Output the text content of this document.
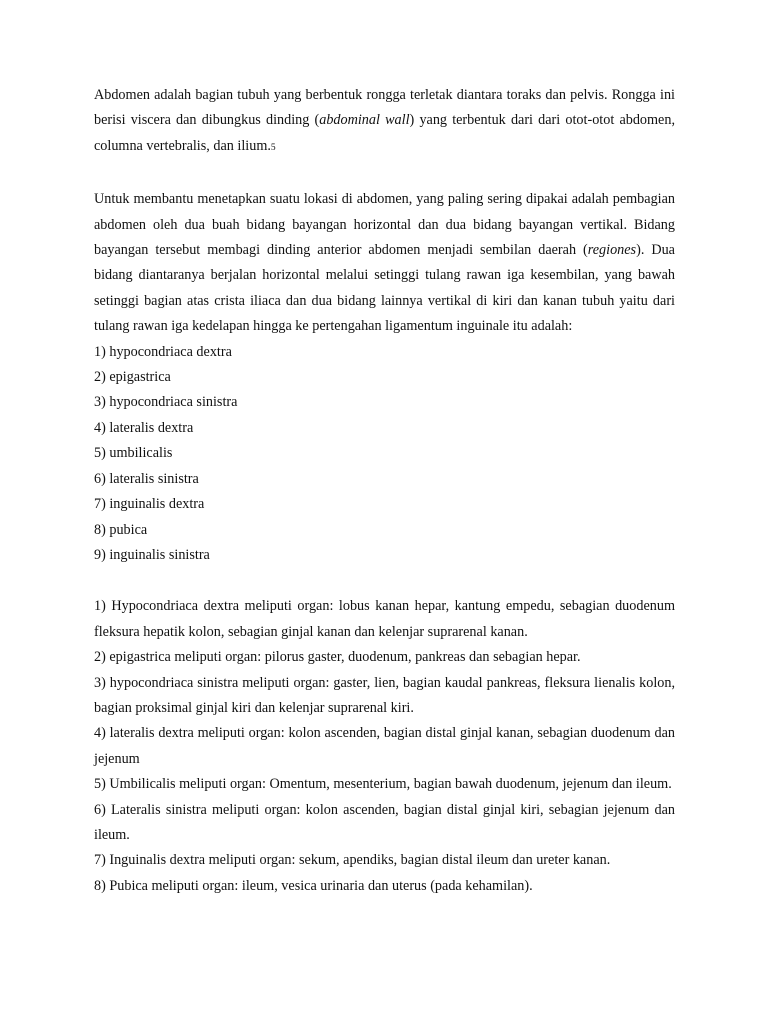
Abdomen adalah bagian tubuh yang berbentuk rongga terletak diantara toraks dan pelvis. Rongga ini berisi viscera dan dibungkus dinding (abdominal wall) yang terbentuk dari dari otot-otot abdomen, columna vertebralis, dan ilium.5

Untuk membantu menetapkan suatu lokasi di abdomen, yang paling sering dipakai adalah pembagian abdomen oleh dua buah bidang bayangan horizontal dan dua bidang bayangan vertikal. Bidang bayangan tersebut membagi dinding anterior abdomen menjadi sembilan daerah (regiones). Dua bidang diantaranya berjalan horizontal melalui setinggi tulang rawan iga kesembilan, yang bawah setinggi bagian atas crista iliaca dan dua bidang lainnya vertikal di kiri dan kanan tubuh yaitu dari tulang rawan iga kedelapan hingga ke pertengahan ligamentum inguinale itu adalah:

1) hypocondriaca dextra
2) epigastrica
3) hypocondriaca sinistra
4) lateralis dextra
5) umbilicalis
6) lateralis sinistra
7) inguinalis dextra
8) pubica
9) inguinalis sinistra

1) Hypocondriaca dextra meliputi organ: lobus kanan hepar, kantung empedu, sebagian duodenum fleksura hepatik kolon, sebagian ginjal kanan dan kelenjar suprarenal kanan.

2) epigastrica meliputi organ: pilorus gaster, duodenum, pankreas dan sebagian hepar.

3) hypocondriaca sinistra meliputi organ: gaster, lien, bagian kaudal pankreas, fleksura lienalis kolon, bagian proksimal ginjal kiri dan kelenjar suprarenal kiri.

4) lateralis dextra meliputi organ: kolon ascenden, bagian distal ginjal kanan, sebagian duodenum dan jejenum

5) Umbilicalis meliputi organ: Omentum, mesenterium, bagian bawah duodenum, jejenum dan ileum.

6) Lateralis sinistra meliputi organ: kolon ascenden, bagian distal ginjal kiri, sebagian jejenum dan ileum.

7) Inguinalis dextra meliputi organ: sekum, apendiks, bagian distal ileum dan ureter kanan.

8) Pubica meliputi organ: ileum, vesica urinaria dan uterus (pada kehamilan).
